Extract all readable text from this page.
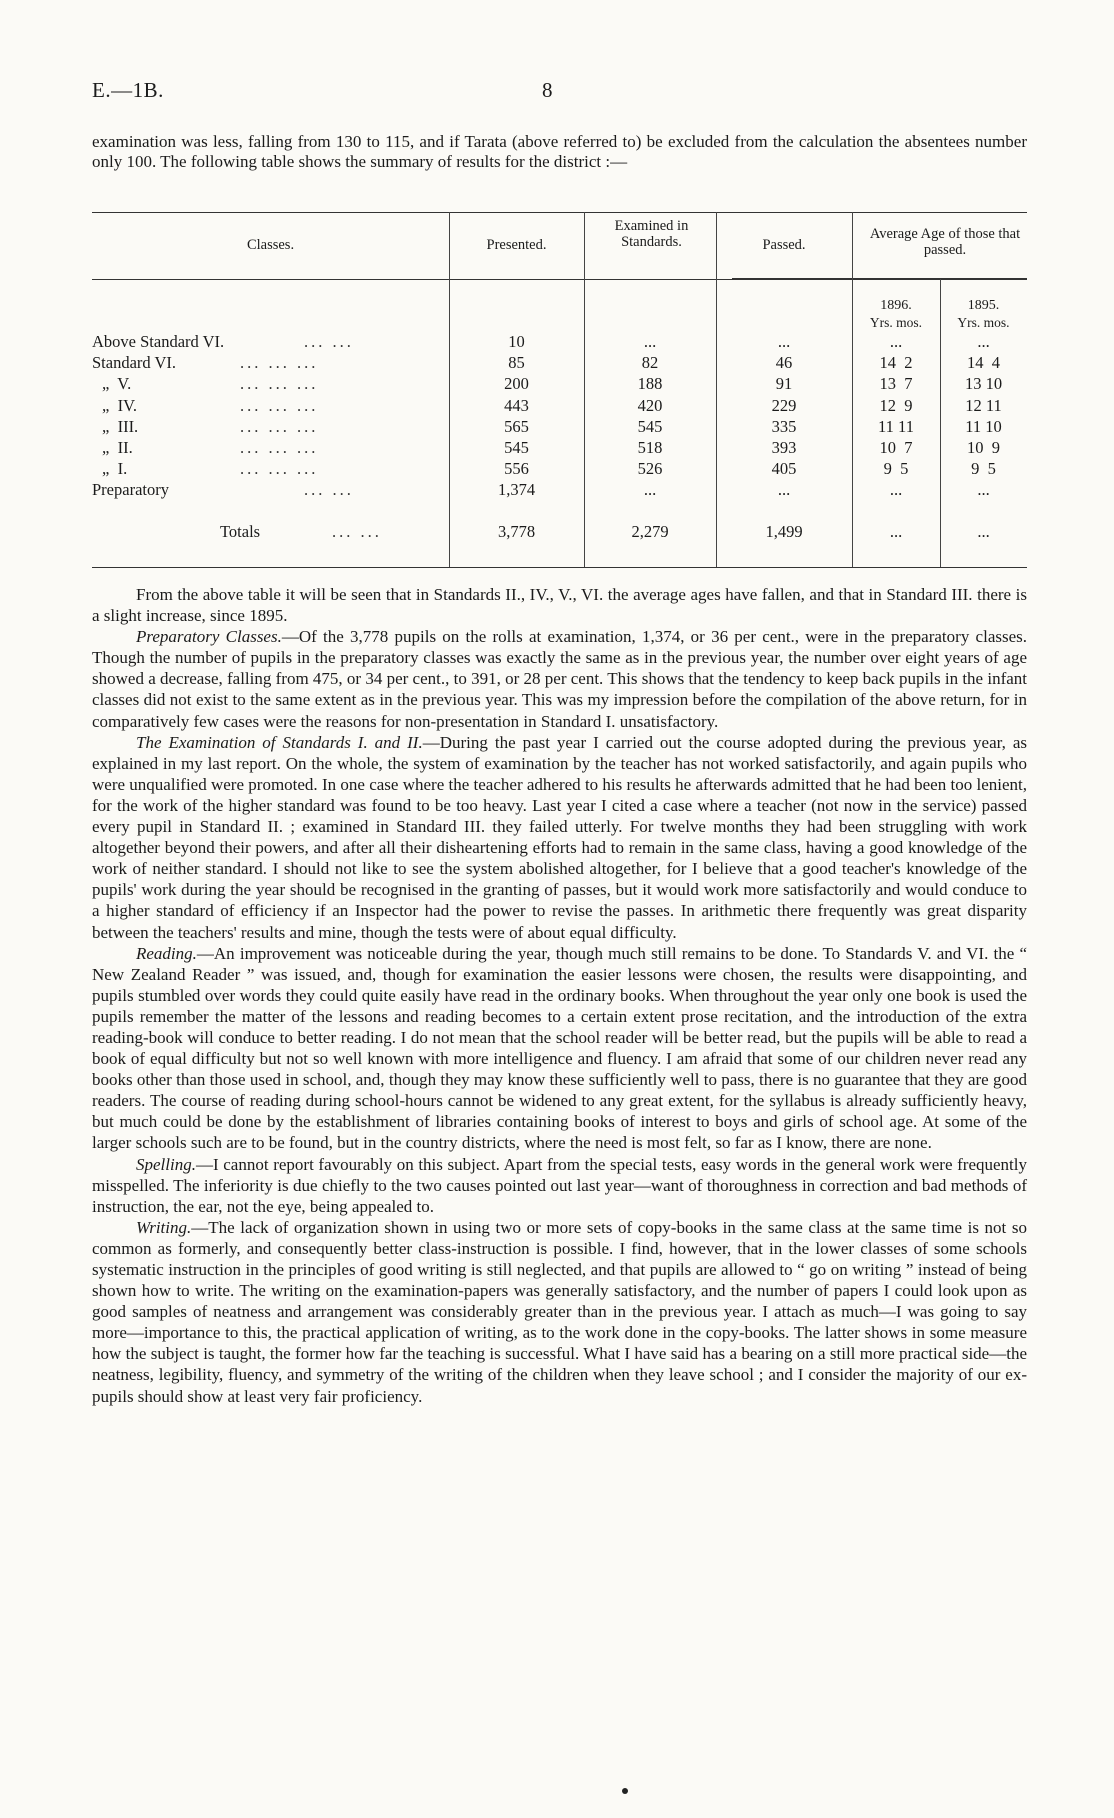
E.—1B.	8

examination was less, falling from 130 to 115, and if Tarata (above referred to) be excluded from the calculation the absentees number only 100. The following table shows the summary of results for the district :—

Classes.	Presented.
Examined in Standards.	Passed.
Average Age of those that passed.
1896.	1895.
Yrs. mos.	Yrs. mos.
Above Standard VI.	... ...	10	...	...	...	...
Standard VI.	... ... ...	85	82	46	14  2	14  4
„  V.	... ... ...	200	188	91	13  7	13 10
„  IV.	... ... ...	443	420	229	12  9	12 11
„  III.	... ... ...	565	545	335	11 11	11 10
„  II.	... ... ...	545	518	393	10  7	10  9
„  I.	... ... ...	556	526	405	9  5	9  5
Preparatory	... ...	1,374	...	...	...	...
Totals	... ...	3,778	2,279	1,499	...	...

From the above table it will be seen that in Standards II., IV., V., VI. the average ages have fallen, and that in Standard III. there is a slight increase, since 1895.

Preparatory Classes.—Of the 3,778 pupils on the rolls at examination, 1,374, or 36 per cent., were in the preparatory classes. Though the number of pupils in the preparatory classes was exactly the same as in the previous year, the number over eight years of age showed a decrease, falling from 475, or 34 per cent., to 391, or 28 per cent. This shows that the tendency to keep back pupils in the infant classes did not exist to the same extent as in the previous year. This was my impression before the compilation of the above return, for in comparatively few cases were the reasons for non-presentation in Standard I. unsatisfactory.

The Examination of Standards I. and II.—During the past year I carried out the course adopted during the previous year, as explained in my last report. On the whole, the system of examination by the teacher has not worked satisfactorily, and again pupils who were unqualified were promoted. In one case where the teacher adhered to his results he afterwards admitted that he had been too lenient, for the work of the higher standard was found to be too heavy. Last year I cited a case where a teacher (not now in the service) passed every pupil in Standard II. ; examined in Standard III. they failed utterly. For twelve months they had been struggling with work altogether beyond their powers, and after all their disheartening efforts had to remain in the same class, having a good knowledge of the work of neither standard. I should not like to see the system abolished altogether, for I believe that a good teacher's knowledge of the pupils' work during the year should be recognised in the granting of passes, but it would work more satisfactorily and would conduce to a higher standard of efficiency if an Inspector had the power to revise the passes. In arithmetic there frequently was great disparity between the teachers' results and mine, though the tests were of about equal difficulty.

Reading.—An improvement was noticeable during the year, though much still remains to be done. To Standards V. and VI. the “ New Zealand Reader ” was issued, and, though for examination the easier lessons were chosen, the results were disappointing, and pupils stumbled over words they could quite easily have read in the ordinary books. When throughout the year only one book is used the pupils remember the matter of the lessons and reading becomes to a certain extent prose recitation, and the introduction of the extra reading-book will conduce to better reading. I do not mean that the school reader will be better read, but the pupils will be able to read a book of equal difficulty but not so well known with more intelligence and fluency. I am afraid that some of our children never read any books other than those used in school, and, though they may know these sufficiently well to pass, there is no guarantee that they are good readers. The course of reading during school-hours cannot be widened to any great extent, for the syllabus is already sufficiently heavy, but much could be done by the establishment of libraries containing books of interest to boys and girls of school age. At some of the larger schools such are to be found, but in the country districts, where the need is most felt, so far as I know, there are none.

Spelling.—I cannot report favourably on this subject. Apart from the special tests, easy words in the general work were frequently misspelled. The inferiority is due chiefly to the two causes pointed out last year—want of thoroughness in correction and bad methods of instruction, the ear, not the eye, being appealed to.

Writing.—The lack of organization shown in using two or more sets of copy-books in the same class at the same time is not so common as formerly, and consequently better class-instruction is possible. I find, however, that in the lower classes of some schools systematic instruction in the principles of good writing is still neglected, and that pupils are allowed to “ go on writing ” instead of being shown how to write. The writing on the examination-papers was generally satisfactory, and the number of papers I could look upon as good samples of neatness and arrangement was considerably greater than in the previous year. I attach as much—I was going to say more—importance to this, the practical application of writing, as to the work done in the copy-books. The latter shows in some measure how the subject is taught, the former how far the teaching is successful. What I have said has a bearing on a still more practical side—the neatness, legibility, fluency, and symmetry of the writing of the children when they leave school ; and I consider the majority of our ex-pupils should show at least very fair proficiency.
